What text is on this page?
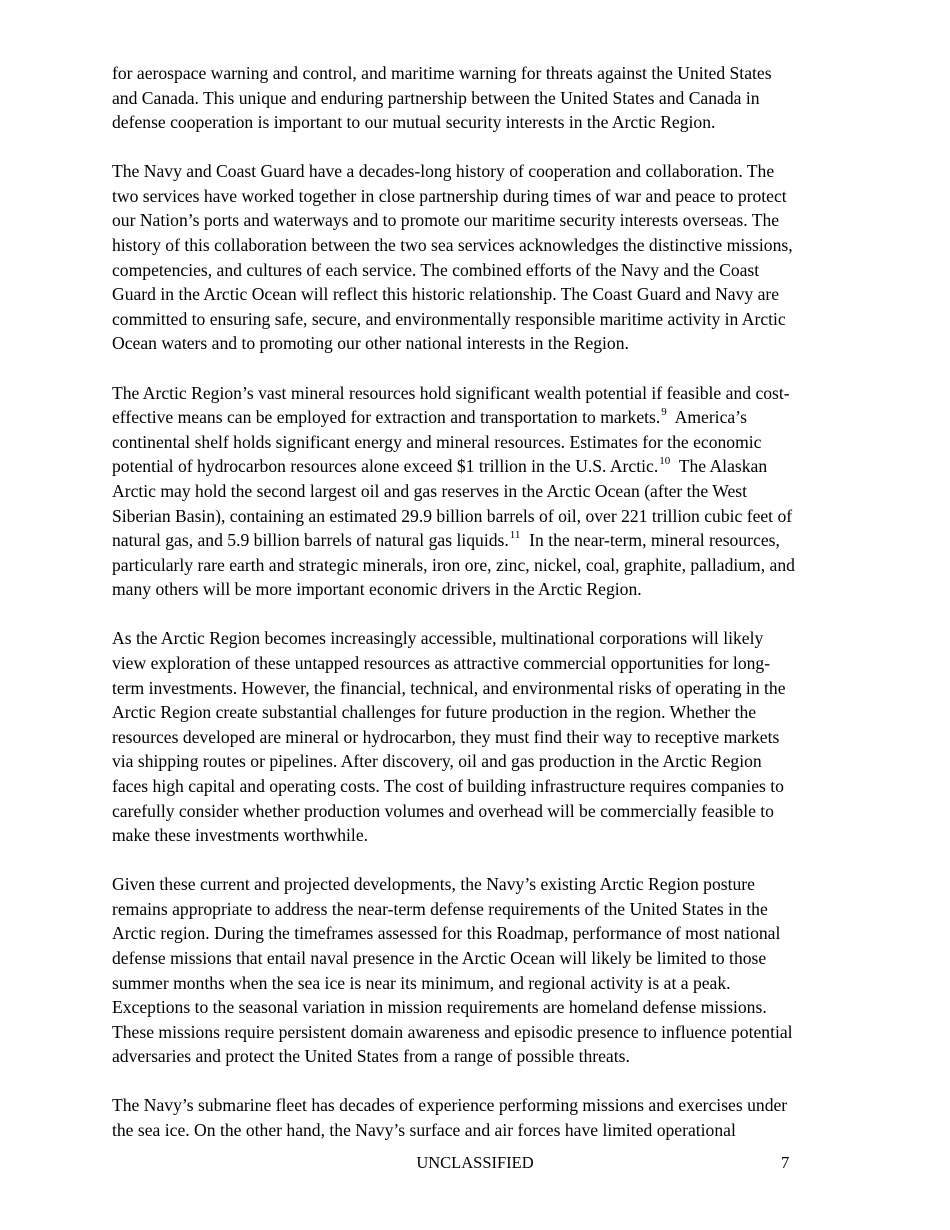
for aerospace warning and control, and maritime warning for threats against the United States
and Canada. This unique and enduring partnership between the United States and Canada in
defense cooperation is important to our mutual security interests in the Arctic Region.

The Navy and Coast Guard have a decades-long history of cooperation and collaboration. The
two services have worked together in close partnership during times of war and peace to protect
our Nation’s ports and waterways and to promote our maritime security interests overseas. The
history of this collaboration between the two sea services acknowledges the distinctive missions,
competencies, and cultures of each service. The combined efforts of the Navy and the Coast
Guard in the Arctic Ocean will reflect this historic relationship. The Coast Guard and Navy are
committed to ensuring safe, secure, and environmentally responsible maritime activity in Arctic
Ocean waters and to promoting our other national interests in the Region.

The Arctic Region’s vast mineral resources hold significant wealth potential if feasible and cost-
effective means can be employed for extraction and transportation to markets.$^9$  America’s
continental shelf holds significant energy and mineral resources. Estimates for the economic
potential of hydrocarbon resources alone exceed $1 trillion in the U.S. Arctic.$^{10}$  The Alaskan
Arctic may hold the second largest oil and gas reserves in the Arctic Ocean (after the West
Siberian Basin), containing an estimated 29.9 billion barrels of oil, over 221 trillion cubic feet of
natural gas, and 5.9 billion barrels of natural gas liquids.$^{11}$  In the near-term, mineral resources,
particularly rare earth and strategic minerals, iron ore, zinc, nickel, coal, graphite, palladium, and
many others will be more important economic drivers in the Arctic Region.

As the Arctic Region becomes increasingly accessible, multinational corporations will likely
view exploration of these untapped resources as attractive commercial opportunities for long-
term investments. However, the financial, technical, and environmental risks of operating in the
Arctic Region create substantial challenges for future production in the region. Whether the
resources developed are mineral or hydrocarbon, they must find their way to receptive markets
via shipping routes or pipelines. After discovery, oil and gas production in the Arctic Region
faces high capital and operating costs. The cost of building infrastructure requires companies to
carefully consider whether production volumes and overhead will be commercially feasible to
make these investments worthwhile.

Given these current and projected developments, the Navy’s existing Arctic Region posture
remains appropriate to address the near-term defense requirements of the United States in the
Arctic region. During the timeframes assessed for this Roadmap, performance of most national
defense missions that entail naval presence in the Arctic Ocean will likely be limited to those
summer months when the sea ice is near its minimum, and regional activity is at a peak.
Exceptions to the seasonal variation in mission requirements are homeland defense missions.
These missions require persistent domain awareness and episodic presence to influence potential
adversaries and protect the United States from a range of possible threats.

The Navy’s submarine fleet has decades of experience performing missions and exercises under
the sea ice. On the other hand, the Navy’s surface and air forces have limited operational

UNCLASSIFIED	7
